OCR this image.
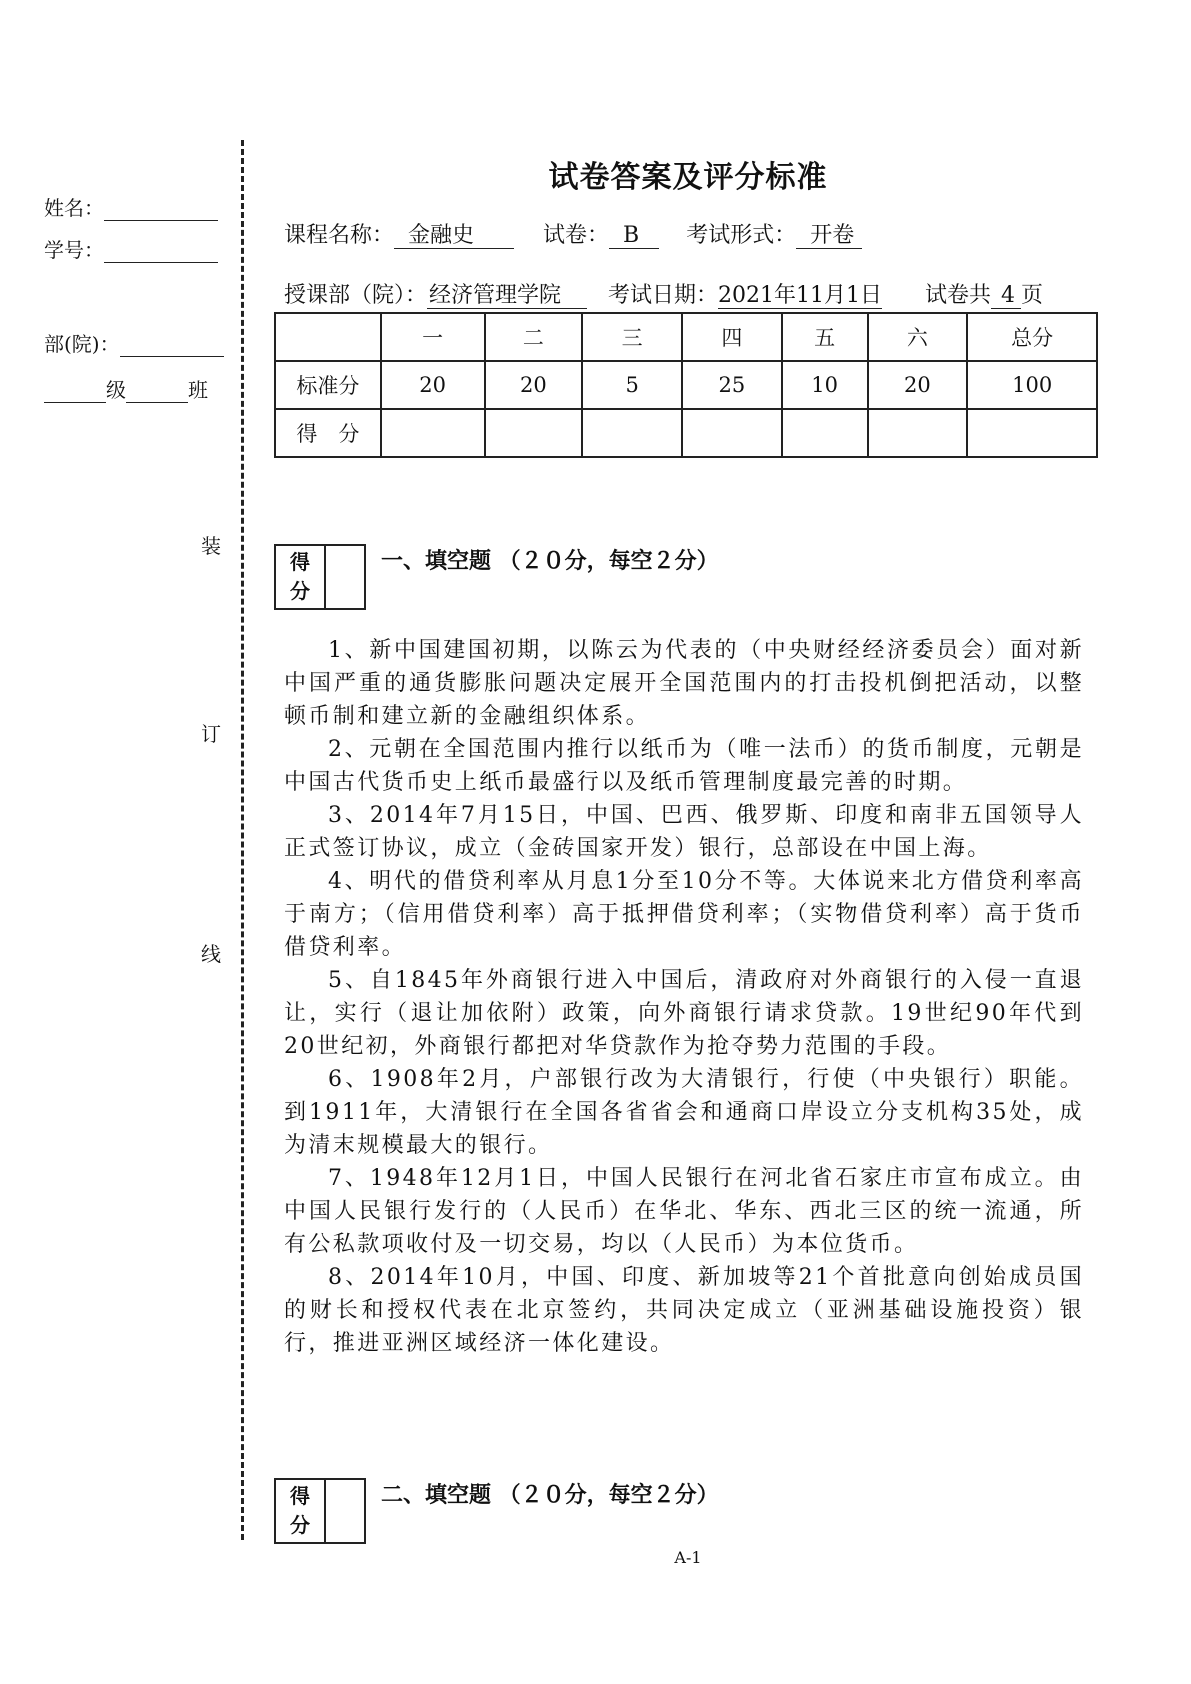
姓名：
学号：
部(院)：
级	班
装
订
线
试卷答案及评分标准
课程名称： 金融史	试卷： B 考试形式： 开卷
授课部（院）：经济管理学院 考试日期：2021年11月1日 试卷共 4 页
	一	二	三	四	五	六	总分
标准分	20	20	5	25	10	20	100
得　分							
得
分
一、填空题 （２０分，每空２分）

1、新中国建国初期，以陈云为代表的（中央财经经济委员会）面对新中国严重的通货膨胀问题决定展开全国范围内的打击投机倒把活动，以整顿币制和建立新的金融组织体系。

2、元朝在全国范围内推行以纸币为（唯一法币）的货币制度，元朝是中国古代货币史上纸币最盛行以及纸币管理制度最完善的时期。

3、2014年7月15日，中国、巴西、俄罗斯、印度和南非五国领导人正式签订协议，成立（金砖国家开发）银行，总部设在中国上海。

4、明代的借贷利率从月息1分至10分不等。大体说来北方借贷利率高于南方；（信用借贷利率）高于抵押借贷利率；（实物借贷利率）高于货币借贷利率。

5、自1845年外商银行进入中国后，清政府对外商银行的入侵一直退让，实行（退让加依附）政策，向外商银行请求贷款。19世纪90年代到20世纪初，外商银行都把对华贷款作为抢夺势力范围的手段。

6、1908年2月，户部银行改为大清银行，行使（中央银行）职能。到1911年，大清银行在全国各省省会和通商口岸设立分支机构35处，成为清末规模最大的银行。

7、1948年12月1日，中国人民银行在河北省石家庄市宣布成立。由中国人民银行发行的（人民币）在华北、华东、西北三区的统一流通，所有公私款项收付及一切交易，均以（人民币）为本位货币。

8、2014年10月，中国、印度、新加坡等21个首批意向创始成员国的财长和授权代表在北京签约，共同决定成立（亚洲基础设施投资）银行，推进亚洲区域经济一体化建设。

得
分
二、填空题 （２０分，每空２分）
A-1
